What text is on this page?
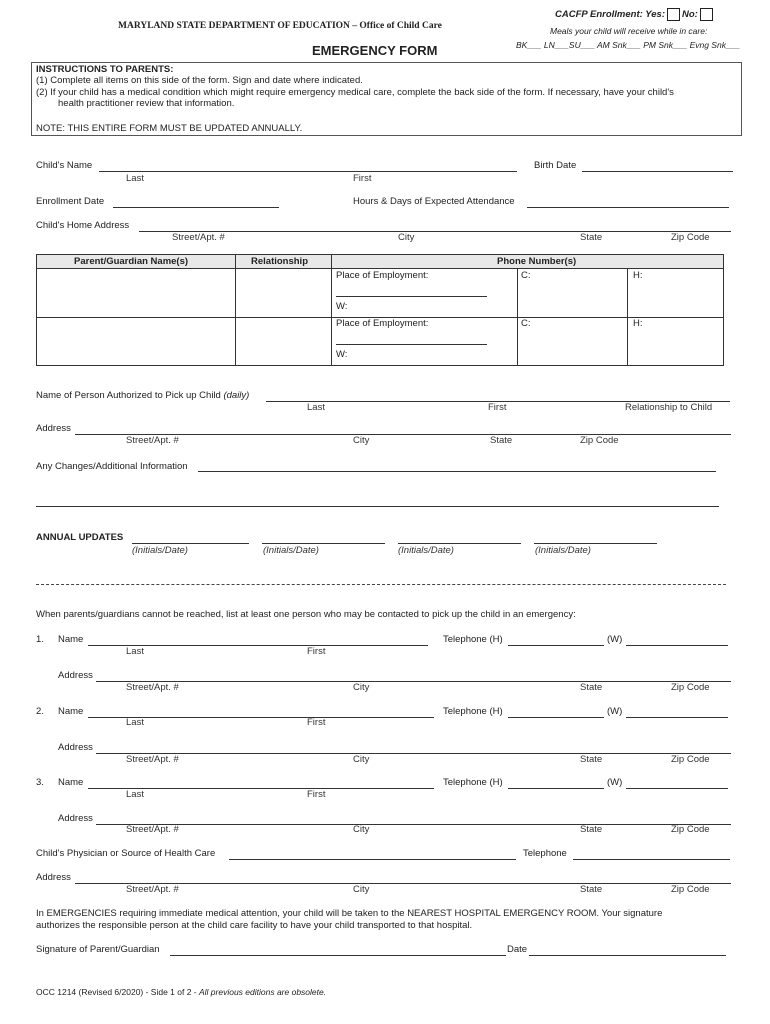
MARYLAND STATE DEPARTMENT OF EDUCATION – Office of Child Care
EMERGENCY FORM
CACFP Enrollment: Yes: No:
Meals your child will receive while in care:
BK___ LN___SU___ AM Snk___ PM Snk___ Evng Snk___
INSTRUCTIONS TO PARENTS:
(1) Complete all items on this side of the form. Sign and date where indicated.
(2) If your child has a medical condition which might require emergency medical care, complete the back side of the form. If necessary, have your child's
health practitioner review that information.
NOTE: THIS ENTIRE FORM MUST BE UPDATED ANNUALLY.
Child's Name
Last	First
Birth Date
Enrollment Date	Hours & Days of Expected Attendance
Child's Home Address
Street/Apt. #	City	State	Zip Code
Parent/Guardian Name(s)	Relationship	Phone Number(s)
Place of Employment:
W:
C:	H:
Place of Employment:
W:
C:	H:
Name of Person Authorized to Pick up Child (daily)
Last	First	Relationship to Child
Address
Street/Apt. #	City	State	Zip Code
Any Changes/Additional Information
ANNUAL UPDATES
(Initials/Date)	(Initials/Date)	(Initials/Date)	(Initials/Date)
When parents/guardians cannot be reached, list at least one person who may be contacted to pick up the child in an emergency:
1. Name	Telephone (H)	(W)
Last	First
Address
Street/Apt. #	City	State	Zip Code
2. Name	Telephone (H)	(W)
Last	First
Address
Street/Apt. #	City	State	Zip Code
3. Name	Telephone (H)	(W)
Last	First
Address
Street/Apt. #	City	State	Zip Code
Child's Physician or Source of Health Care	Telephone
Address
Street/Apt. #	City	State	Zip Code
In EMERGENCIES requiring immediate medical attention, your child will be taken to the NEAREST HOSPITAL EMERGENCY ROOM. Your signature
authorizes the responsible person at the child care facility to have your child transported to that hospital.
Signature of Parent/Guardian	Date
OCC 1214 (Revised 6/2020) - Side 1 of 2 - All previous editions are obsolete.
